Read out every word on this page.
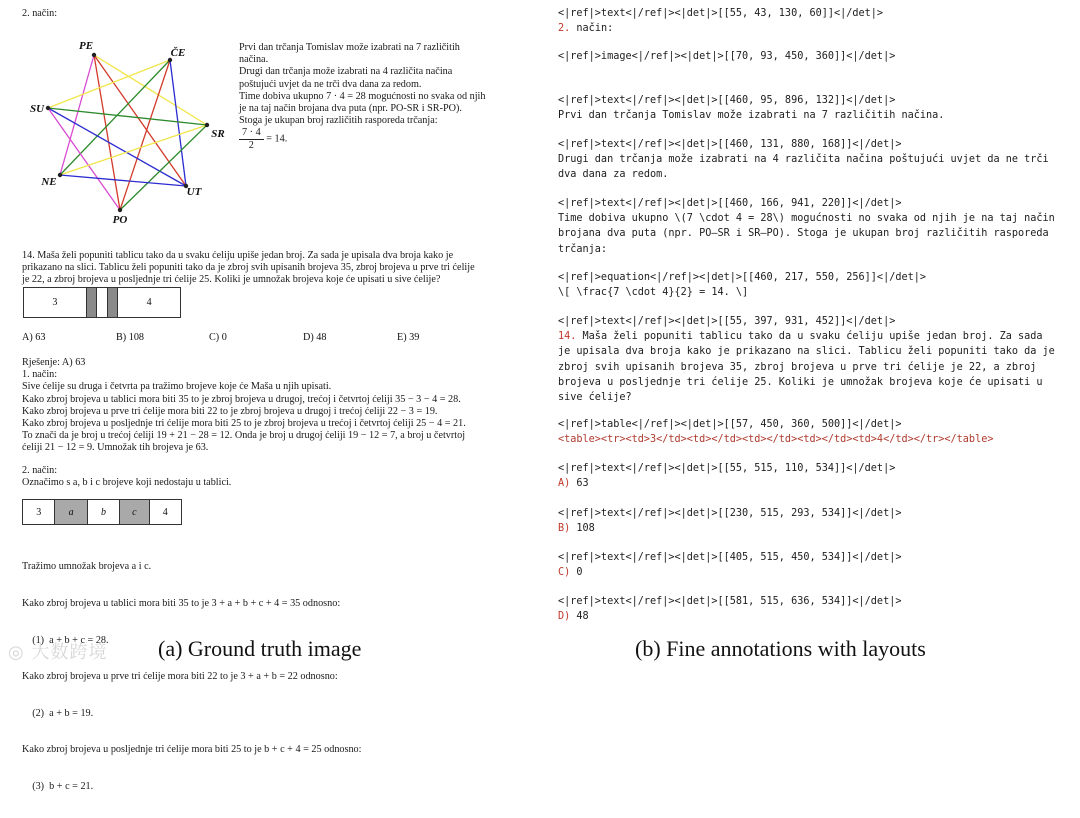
2. način:

PE
ČE
SU
SR
NE
UT
PO

Prvi dan trčanja Tomislav može izabrati na 7 različitih

načina.

Drugi dan trčanja može izabrati na 4 različita načina

poštujući uvjet da ne trči dva dana za redom.

Time dobiva ukupno 7 · 4 = 28 mogućnosti no svaka od njih

je na taj način brojana dva puta (npr. PO-SR i SR-PO).

Stoga je ukupan broj različitih rasporeda trčanja:

$\frac{7 \cdot 4}{2} = 14$.

14. Maša želi popuniti tablicu tako da u svaku ćeliju upiše jedan broj. Za sada je upisala dva broja kako je

prikazano na slici. Tablicu želi popuniti tako da je zbroj svih upisanih brojeva 35, zbroj brojeva u prve tri ćelije

je 22, a zbroj brojeva u posljednje tri ćelije 25. Koliki je umnožak brojeva koje će upisati u sive ćelije?

3				4
A) 63	B) 108	C) 0	D) 48	E) 39

Rješenje: A) 63

1. način:

Sive ćelije su druga i četvrta pa tražimo brojeve koje će Maša u njih upisati.

Kako zbroj brojeva u tablici mora biti 35 to je zbroj brojeva u drugoj, trećoj i četvrtoj ćeliji 35 − 3 − 4 = 28.

Kako zbroj brojeva u prve tri ćelije mora biti 22 to je zbroj brojeva u drugoj i trećoj ćeliji 22 − 3 = 19.

Kako zbroj brojeva u posljednje tri ćelije mora biti 25 to je zbroj brojeva u trećoj i četvrtoj ćeliji 25 − 4 = 21.

To znači da je broj u trećoj ćeliji 19 + 21 − 28 = 12. Onda je broj u drugoj ćeliji 19 − 12 = 7, a broj u četvrtoj

ćeliji 21 − 12 = 9. Umnožak tih brojeva je 63.

2. način:

Označimo s a, b i c brojeve koji nedostaju u tablici.

3	a	b	c	4

Tražimo umnožak brojeva a i c.

Kako zbroj brojeva u tablici mora biti 35 to je 3 + a + b + c + 4 = 35 odnosno:

(1)  a + b + c = 28.

Kako zbroj brojeva u prve tri ćelije mora biti 22 to je 3 + a + b = 22 odnosno:

(2)  a + b = 19.

Kako zbroj brojeva u posljednje tri ćelije mora biti 25 to je b + c + 4 = 25 odnosno:

(3)  b + c = 21.

◎ 大数跨境 (a) Ground truth image
<|ref|>text<|/ref|><|det|>[[55, 43, 130, 60]]<|/det|>
2. način:
<|ref|>image<|/ref|><|det|>[[70, 93, 450, 360]]<|/det|>
<|ref|>text<|/ref|><|det|>[[460, 95, 896, 132]]<|/det|>
Prvi dan trčanja Tomislav može izabrati na 7 različitih načina.
<|ref|>text<|/ref|><|det|>[[460, 131, 880, 168]]<|/det|>
Drugi dan trčanja može izabrati na 4 različita načina poštujući uvjet da ne trči
dva dana za redom.
<|ref|>text<|/ref|><|det|>[[460, 166, 941, 220]]<|/det|>
Time dobiva ukupno \(7 \cdot 4 = 28\) mogućnosti no svaka od njih je na taj način
brojana dva puta (npr. PO–SR i SR–PO). Stoga je ukupan broj različitih rasporeda
trčanja:
<|ref|>equation<|/ref|><|det|>[[460, 217, 550, 256]]<|/det|>
\[ \frac{7 \cdot 4}{2} = 14. \]
<|ref|>text<|/ref|><|det|>[[55, 397, 931, 452]]<|/det|>
14. Maša želi popuniti tablicu tako da u svaku ćeliju upiše jedan broj. Za sada
je upisala dva broja kako je prikazano na slici. Tablicu želi popuniti tako da je
zbroj svih upisanih brojeva 35, zbroj brojeva u prve tri ćelije je 22, a zbroj
brojeva u posljednje tri ćelije 25. Koliki je umnožak brojeva koje će upisati u
sive ćelije?
<|ref|>table<|/ref|><|det|>[[57, 450, 360, 500]]<|/det|>
<table><tr><td>3</td><td></td><td></td><td></td><td>4</td></tr></table>
<|ref|>text<|/ref|><|det|>[[55, 515, 110, 534]]<|/det|>
A) 63
<|ref|>text<|/ref|><|det|>[[230, 515, 293, 534]]<|/det|>
B) 108
<|ref|>text<|/ref|><|det|>[[405, 515, 450, 534]]<|/det|>
C) 0
<|ref|>text<|/ref|><|det|>[[581, 515, 636, 534]]<|/det|>
D) 48
(b) Fine annotations with layouts
